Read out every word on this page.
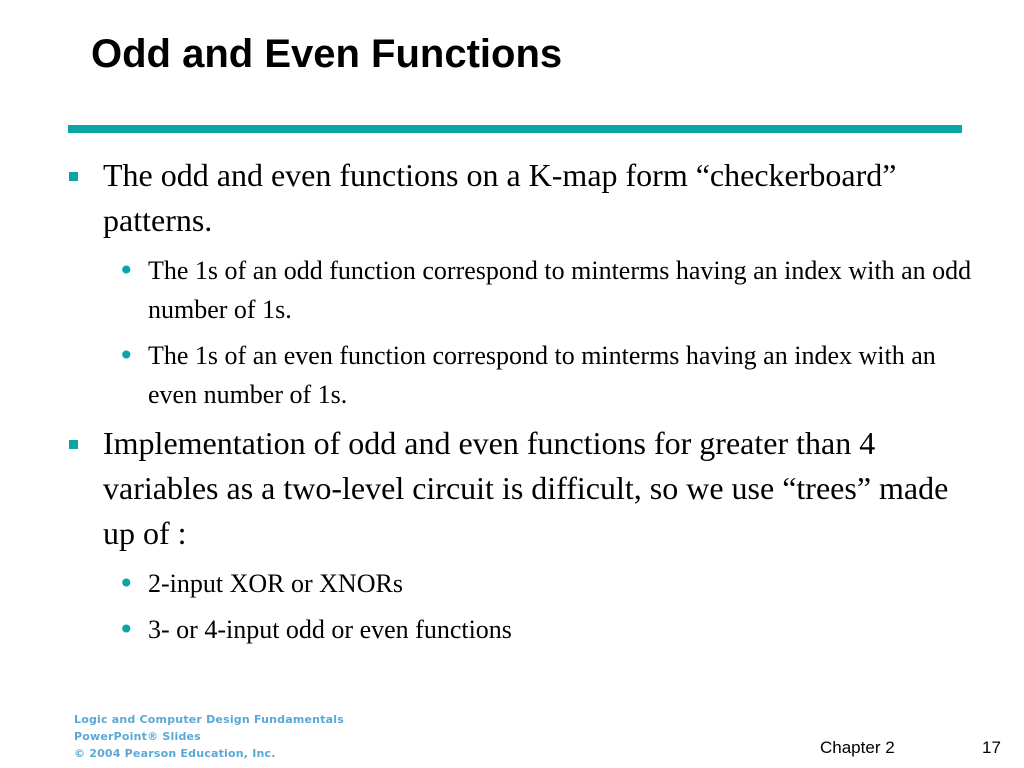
Odd and Even Functions
The odd and even functions on a K-map form “checkerboard” patterns.
• The 1s of an odd function correspond to minterms having an index with an odd number of 1s.
• The 1s of an even function correspond to minterms having an index with an even number of 1s.
Implementation of odd and even functions for greater than 4 variables as a two-level circuit is difficult, so we use “trees” made up of :
• 2-input XOR or XNORs
• 3- or 4-input odd or even functions
Logic and Computer Design Fundamentals
PowerPoint® Slides
© 2004 Pearson Education, Inc.	Chapter 2	17
